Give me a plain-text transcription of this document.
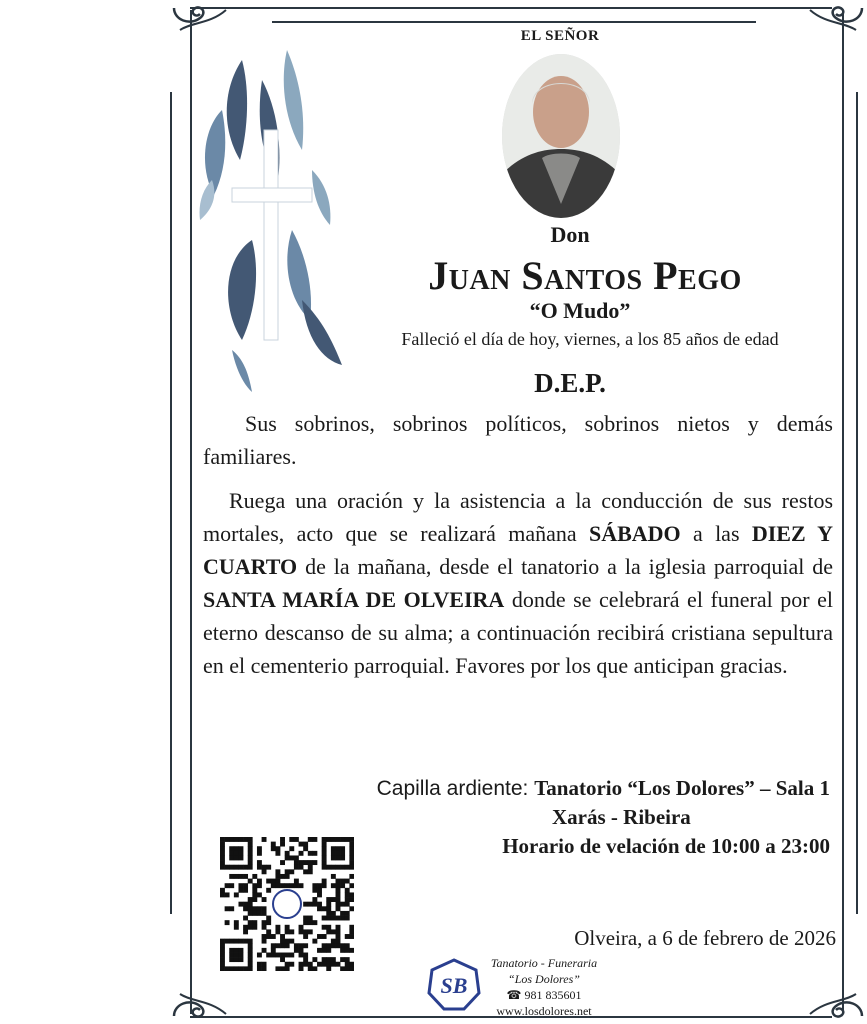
EL SEÑOR
Don
Juan Santos Pego
“O Mudo”
Falleció el día de hoy, viernes, a los 85 años de edad
D.E.P.
Sus sobrinos, sobrinos políticos, sobrinos nietos y demás familiares.
Ruega una oración y la asistencia a la conducción de sus restos mortales, acto que se realizará mañana SÁBADO a las DIEZ Y CUARTO de la mañana, desde el tanatorio a la iglesia parroquial de SANTA MARÍA DE OLVEIRA donde se celebrará el funeral por el eterno descanso de su alma; a continuación recibirá cristiana sepultura en el cementerio parroquial. Favores por los que anticipan gracias.
Capilla ardiente: Tanatorio “Los Dolores” – Sala 1
Xarás - Ribeira
Horario de velación de 10:00 a 23:00
Olveira, a 6 de febrero de 2026
SB
Tanatorio - Funeraria
“Los Dolores”
☎ 981 835601
www.losdolores.net
